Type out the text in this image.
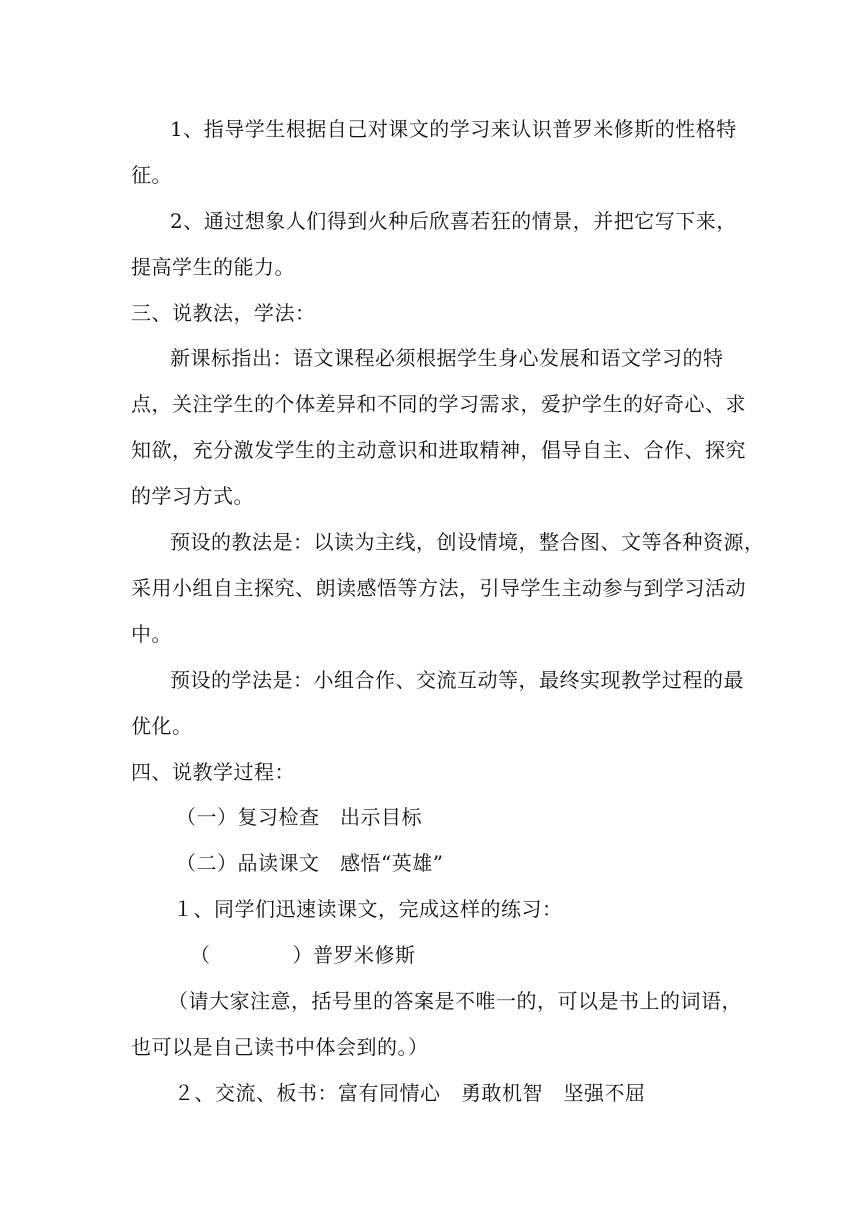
1、指导学生根据自己对课文的学习来认识普罗米修斯的性格特
征。
2、通过想象人们得到火种后欣喜若狂的情景，并把它写下来，
提高学生的能力。
三、说教法，学法：
新课标指出：语文课程必须根据学生身心发展和语文学习的特
点，关注学生的个体差异和不同的学习需求，爱护学生的好奇心、求
知欲，充分激发学生的主动意识和进取精神，倡导自主、合作、探究
的学习方式。
预设的教法是：以读为主线，创设情境，整合图、文等各种资源，
采用小组自主探究、朗读感悟等方法，引导学生主动参与到学习活动
中。
预设的学法是：小组合作、交流互动等，最终实现教学过程的最
优化。
四、说教学过程：
（一）复习检查　出示目标
（二）品读课文　感悟“英雄”
１、同学们迅速读课文，完成这样的练习：
（　　　　）普罗米修斯
（请大家注意，括号里的答案是不唯一的，可以是书上的词语，
也可以是自己读书中体会到的。）
２、交流、板书：富有同情心　勇敢机智　坚强不屈
